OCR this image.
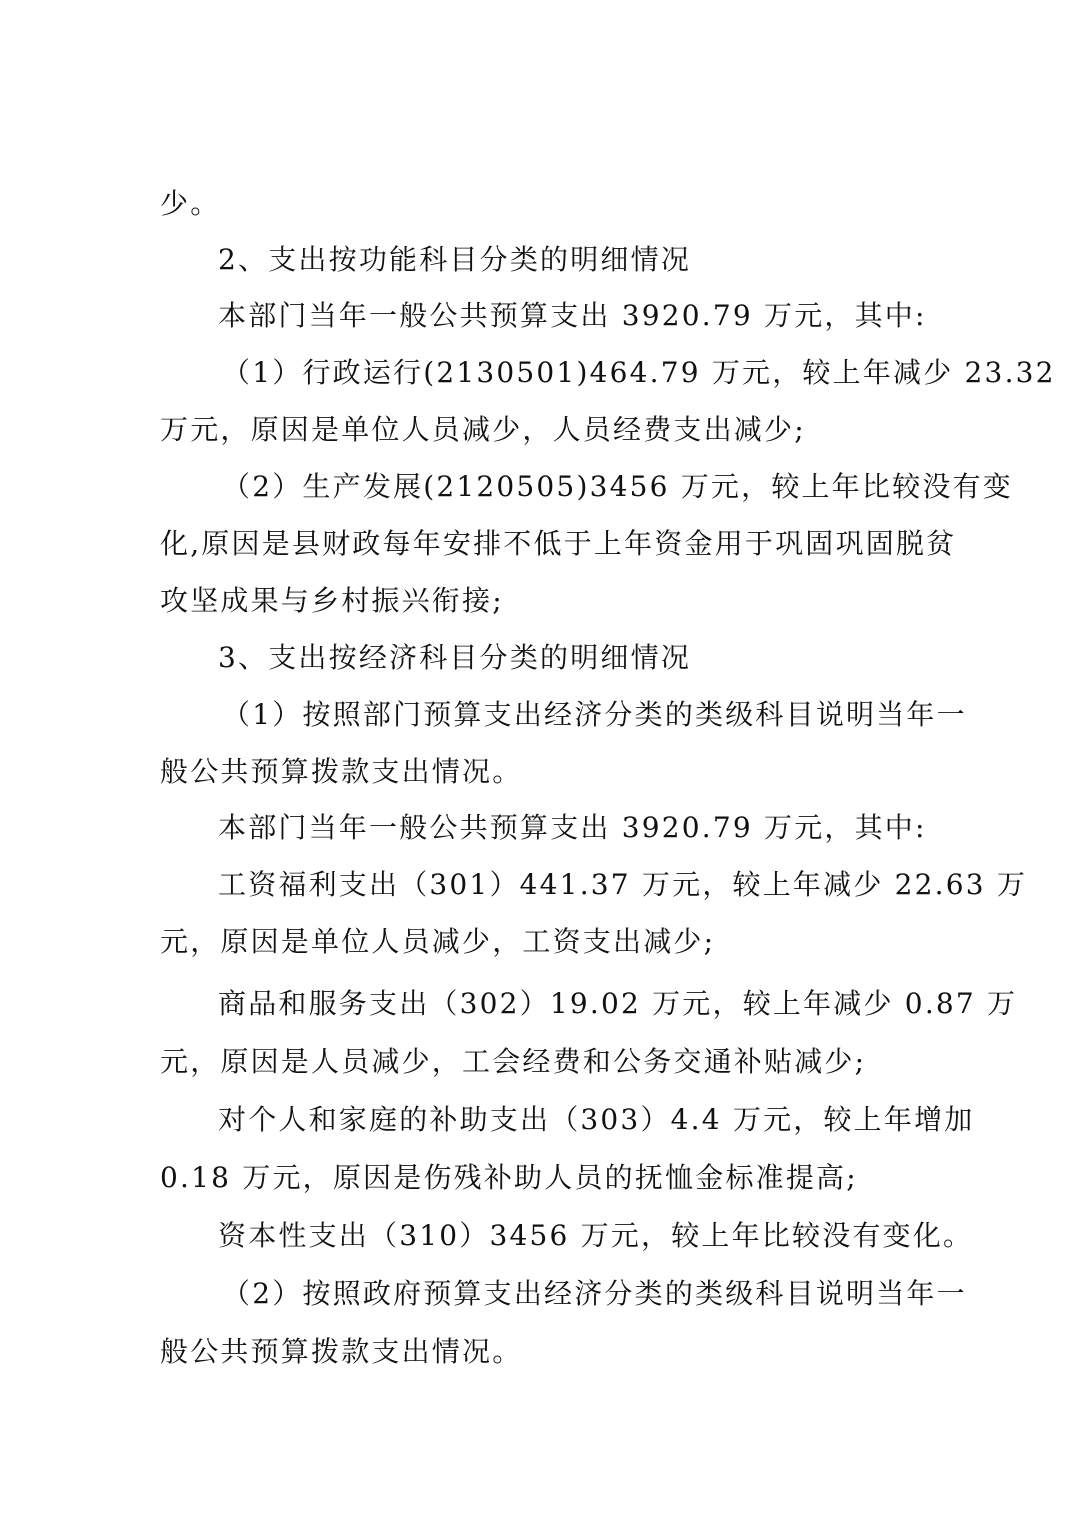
少。
2、支出按功能科目分类的明细情况
本部门当年一般公共预算支出 3920.79 万元，其中:
（1）行政运行(2130501)464.79 万元，较上年减少 23.32
万元，原因是单位人员减少，人员经费支出减少;
（2）生产发展(2120505)3456 万元，较上年比较没有变
化,原因是县财政每年安排不低于上年资金用于巩固巩固脱贫
攻坚成果与乡村振兴衔接;
3、支出按经济科目分类的明细情况
（1）按照部门预算支出经济分类的类级科目说明当年一
般公共预算拨款支出情况。
本部门当年一般公共预算支出 3920.79 万元，其中:
工资福利支出（301）441.37 万元，较上年减少 22.63 万
元，原因是单位人员减少，工资支出减少;
商品和服务支出（302）19.02 万元，较上年减少 0.87 万
元，原因是人员减少，工会经费和公务交通补贴减少;
对个人和家庭的补助支出（303）4.4 万元，较上年增加
0.18 万元，原因是伤残补助人员的抚恤金标准提高;
资本性支出（310）3456 万元，较上年比较没有变化。
（2）按照政府预算支出经济分类的类级科目说明当年一
般公共预算拨款支出情况。
